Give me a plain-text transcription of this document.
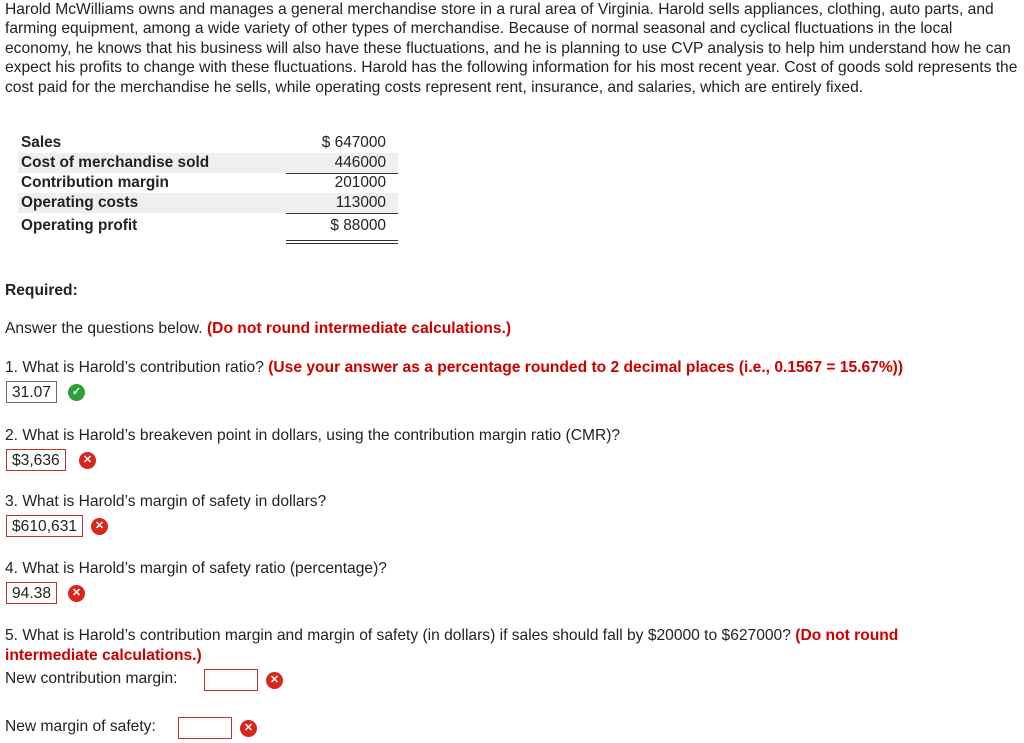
Harold McWilliams owns and manages a general merchandise store in a rural area of Virginia. Harold sells appliances, clothing, auto parts, and farming equipment, among a wide variety of other types of merchandise. Because of normal seasonal and cyclical fluctuations in the local economy, he knows that his business will also have these fluctuations, and he is planning to use CVP analysis to help him understand how he can expect his profits to change with these fluctuations. Harold has the following information for his most recent year. Cost of goods sold represents the cost paid for the merchandise he sells, while operating costs represent rent, insurance, and salaries, which are entirely fixed.

Sales	$ 647000
Cost of merchandise sold	446000
Contribution margin	201000
Operating costs	113000
Operating profit	$ 88000

Required:

Answer the questions below. (Do not round intermediate calculations.)

1. What is Harold’s contribution ratio? (Use your answer as a percentage rounded to 2 decimal places (i.e., 0.1567 = 15.67%))

31.07	✓

2. What is Harold’s breakeven point in dollars, using the contribution margin ratio (CMR)?

$3,636	✕

3. What is Harold’s margin of safety in dollars?

$610,631	✕

4. What is Harold’s margin of safety ratio (percentage)?

94.38	✕

5. What is Harold’s contribution margin and margin of safety (in dollars) if sales should fall by $20000 to $627000? (Do not round

intermediate calculations.)

New contribution margin:	✕

New margin of safety:	✕
